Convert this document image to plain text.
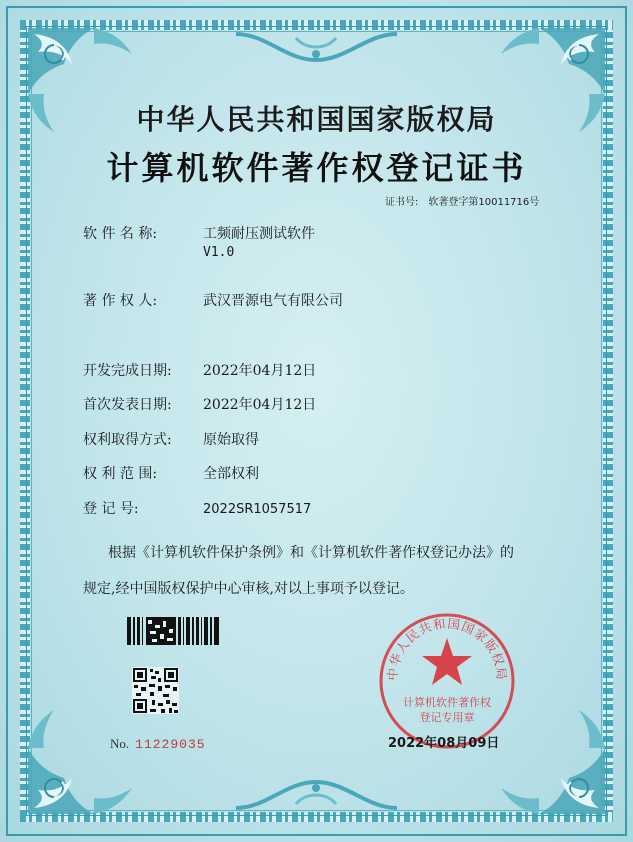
中华人民共和国国家版权局
计算机软件著作权登记证书
证书号: 软著登字第10011716号
软 件 名 称:	工频耐压测试软件
V1.0
著 作 权 人:	武汉晋源电气有限公司
开发完成日期: 2022年04月12日
首次发表日期: 2022年04月12日
权利取得方式: 原始取得
权 利 范 围:	全部权利
登 记 号:	2022SR1057517
根据《计算机软件保护条例》和《计算机软件著作权登记办法》的
规定,经中国版权保护中心审核,对以上事项予以登记。
No. 11229035
中华人民共和国国家版权局
计算机软件著作权
登记专用章
2022年08月09日
